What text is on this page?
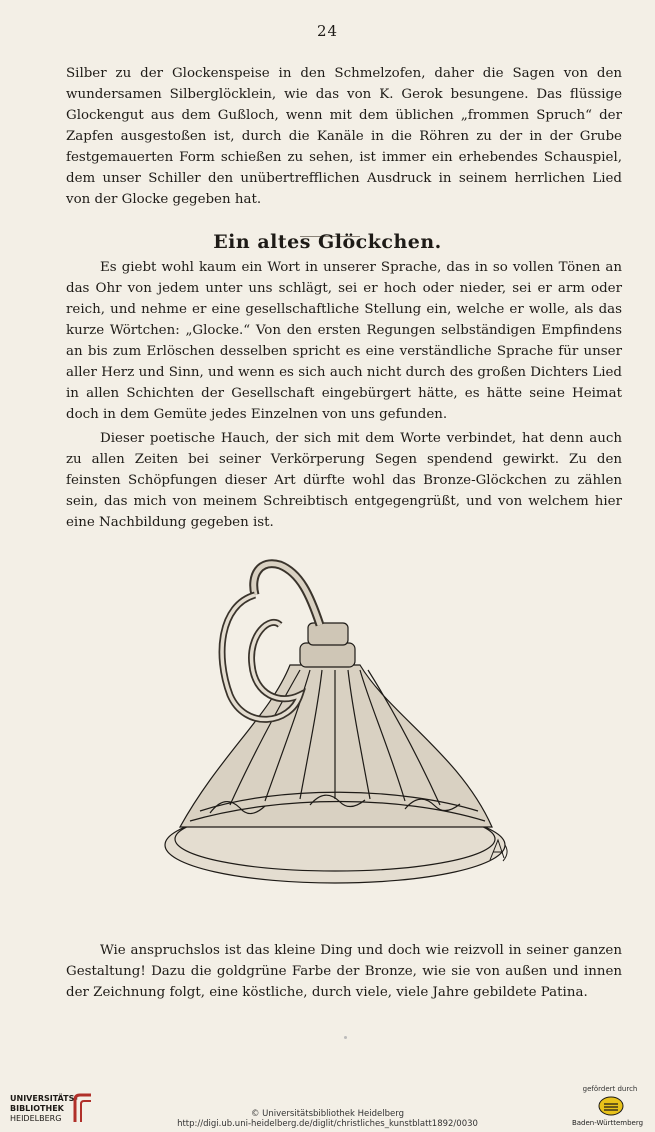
24

Silber zu der Glockenspeise in den Schmelzofen, daher die Sagen von den wundersamen Silberglöcklein, wie das von K. Gerok besungene. Das flüssige Glockengut aus dem Gußloch, wenn mit dem üblichen „frommen Spruch“ der Zapfen ausgestoßen ist, durch die Kanäle in die Röhren zu der in der Grube festgemauerten Form schießen zu sehen, ist immer ein erhebendes Schauspiel, dem unser Schiller den unübertrefflichen Ausdruck in seinem herrlichen Lied von der Glocke gegeben hat.

Ein altes Glöckchen.

Es giebt wohl kaum ein Wort in unserer Sprache, das in so vollen Tönen an das Ohr von jedem unter uns schlägt, sei er hoch oder nieder, sei er arm oder reich, und nehme er eine gesellschaftliche Stellung ein, welche er wolle, als das kurze Wörtchen: „Glocke.“ Von den ersten Regungen selbständigen Empfindens an bis zum Erlöschen desselben spricht es eine verständliche Sprache für unser aller Herz und Sinn, und wenn es sich auch nicht durch des großen Dichters Lied in allen Schichten der Gesellschaft eingebürgert hätte, es hätte seine Heimat doch in dem Gemüte jedes Einzelnen von uns gefunden.

Dieser poetische Hauch, der sich mit dem Worte verbindet, hat denn auch zu allen Zeiten bei seiner Verkörperung Segen spendend gewirkt. Zu den feinsten Schöpfungen dieser Art dürfte wohl das Bronze-Glöckchen zu zählen sein, das mich von meinem Schreibtisch entgegengrüßt, und von welchem hier eine Nachbildung gegeben ist.

Wie anspruchslos ist das kleine Ding und doch wie reizvoll in seiner ganzen Gestaltung! Dazu die goldgrüne Farbe der Bronze, wie sie von außen und innen der Zeichnung folgt, eine köstliche, durch viele, viele Jahre gebildete Patina.

UNIVERSITÄTS-
BIBLIOTHEK
HEIDELBERG	© Universitätsbibliothek Heidelberg
http://digi.ub.uni-heidelberg.de/diglit/christliches_kunstblatt1892/0030
gefördert durch
Baden-Württemberg
